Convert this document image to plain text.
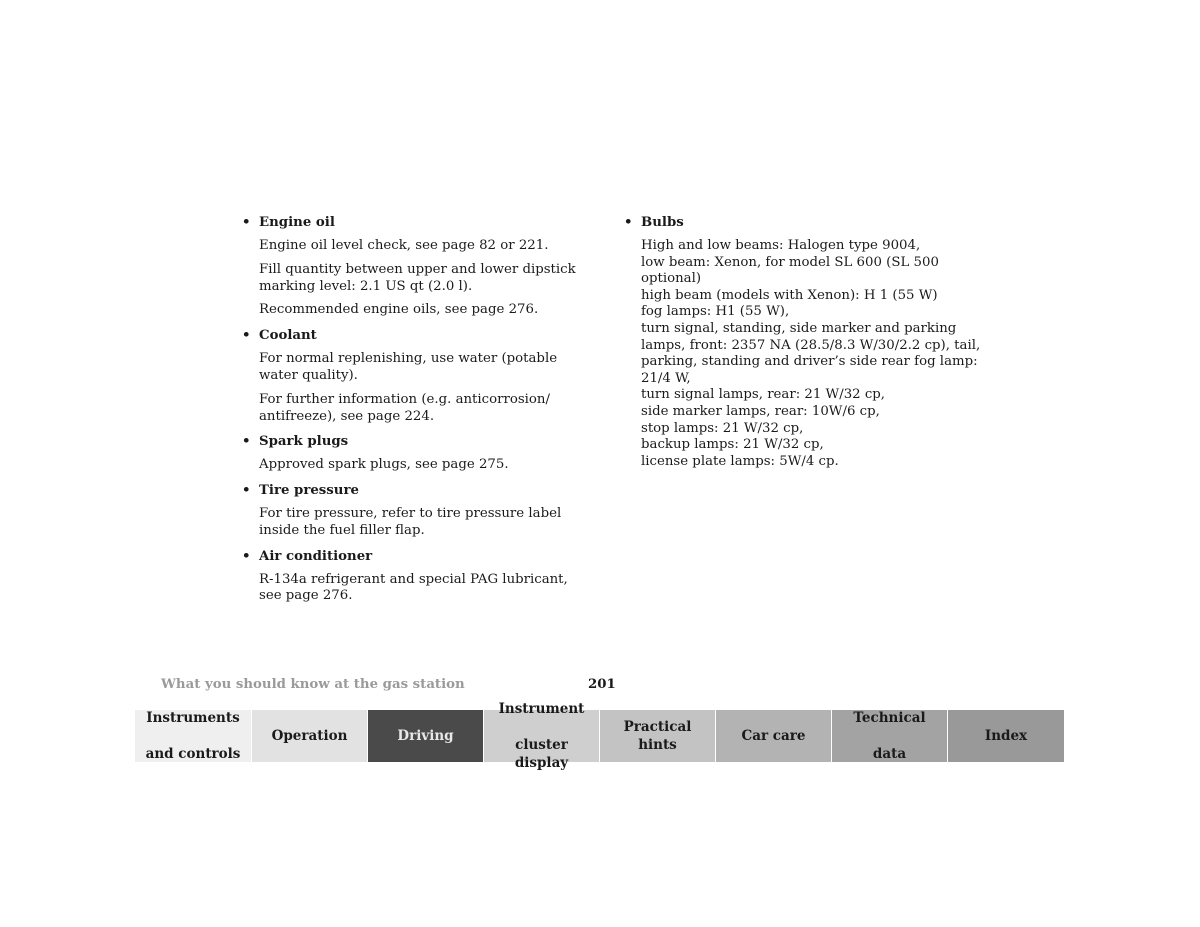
• Engine oil

Engine oil level check, see page 82 or 221.

Fill quantity between upper and lower dipstick marking level: 2.1 US qt (2.0 l).

Recommended engine oils, see page 276.

• Coolant

For normal replenishing, use water (potable water quality).

For further information (e.g. anticorrosion/ antifreeze), see page 224.

• Spark plugs

Approved spark plugs, see page 275.

• Tire pressure

For tire pressure, refer to tire pressure label inside the fuel filler flap.

• Air conditioner
R-134a refrigerant and special PAG lubricant,
see page 276.
• Bulbs
High and low beams: Halogen type 9004,
low beam: Xenon, for model SL 600 (SL 500
optional)
high beam (models with Xenon): H 1 (55 W)
fog lamps: H1 (55 W),
turn signal, standing, side marker and parking
lamps, front: 2357 NA (28.5/8.3 W/30/2.2 cp), tail,
parking, standing and driver’s side rear fog lamp:
21/4 W,
turn signal lamps, rear: 21 W/32 cp,
side marker lamps, rear: 10W/6 cp,
stop lamps: 21 W/32 cp,
backup lamps: 21 W/32 cp,
license plate lamps: 5W/4 cp.
What you should know at the gas station	201
Instruments

and controls
Operation	Driving
Instrument

cluster display
Practical hints
Car care
Technical

data
Index
